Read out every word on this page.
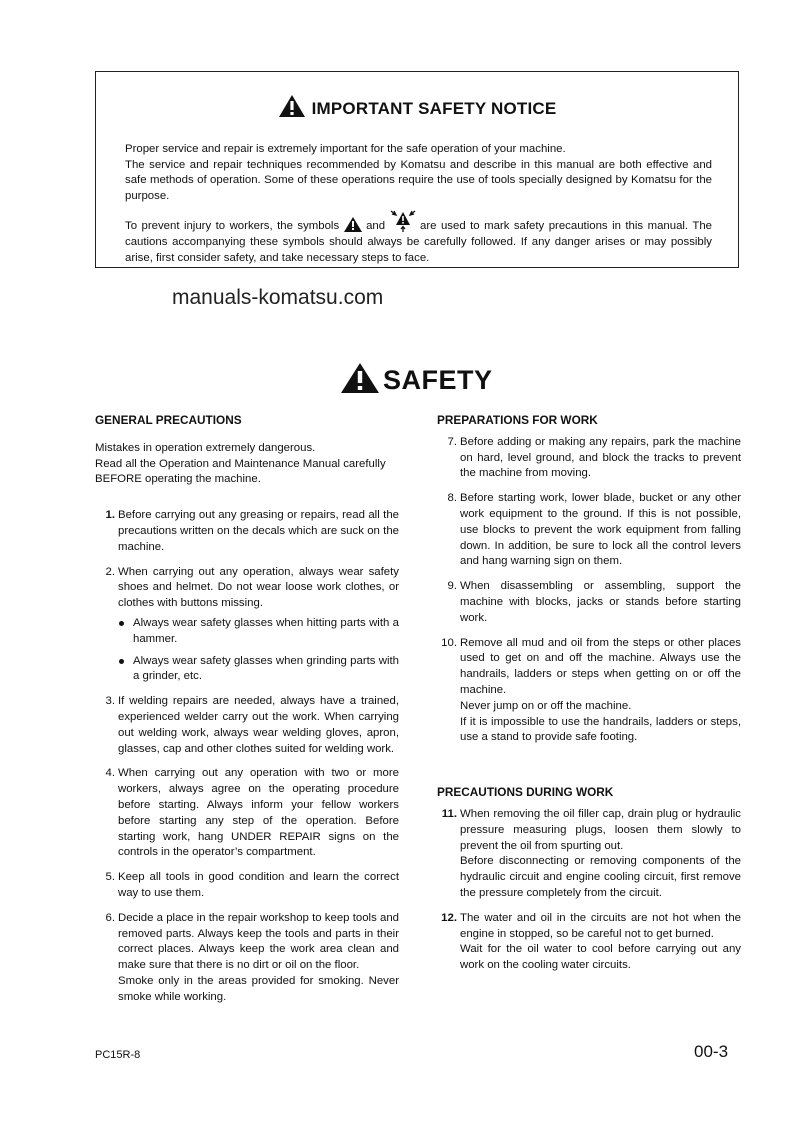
IMPORTANT SAFETY NOTICE

Proper service and repair is extremely important for the safe operation of your machine.

The service and repair techniques recommended by Komatsu and describe in this manual are both effective and safe methods of operation. Some of these operations require the use of tools specially designed by Komatsu for the purpose.

To prevent injury to workers, the symbols and	are used to mark safety precautions in this manual. The cautions accompanying these symbols should always be carefully followed. If any danger arises or may possibly arise, first consider safety, and take necessary steps to face.

manuals-komatsu.com
SAFETY
GENERAL PRECAUTIONS
Mistakes in operation extremely dangerous.
Read all the Operation and Maintenance Manual carefully BEFORE operating the machine.
1. Before carrying out any greasing or repairs, read all the precautions written on the decals which are suck on the machine.

2. When carrying out any operation, always wear safety shoes and helmet. Do not wear loose work clothes, or clothes with buttons missing.

Always wear safety glasses when hitting parts with a hammer.
Always wear safety glasses when grinding parts with a grinder, etc.
3. If welding repairs are needed, always have a trained, experienced welder carry out the work. When carrying out welding work, always wear welding gloves, apron, glasses, cap and other clothes suited for welding work.

4. When carrying out any operation with two or more workers, always agree on the operating procedure before starting. Always inform your fellow workers before starting any step of the operation. Before starting work, hang UNDER REPAIR signs on the controls in the operator’s compartment.

5. Keep all tools in good condition and learn the correct way to use them.

6. Decide a place in the repair workshop to keep tools and removed parts. Always keep the tools and parts in their correct places. Always keep the work area clean and make sure that there is no dirt or oil on the floor.

Smoke only in the areas provided for smoking. Never smoke while working.

PREPARATIONS FOR WORK
7. Before adding or making any repairs, park the machine on hard, level ground, and block the tracks to prevent the machine from moving.

8. Before starting work, lower blade, bucket or any other work equipment to the ground. If this is not possible, use blocks to prevent the work equipment from falling down. In addition, be sure to lock all the control levers and hang warning sign on them.

9. When disassembling or assembling, support the machine with blocks, jacks or stands before starting work.

10. Remove all mud and oil from the steps or other places used to get on and off the machine. Always use the handrails, ladders or steps when getting on or off the machine.

Never jump on or off the machine.

If it is impossible to use the handrails, ladders or steps, use a stand to provide safe footing.

PRECAUTIONS DURING WORK
11. When removing the oil filler cap, drain plug or hydraulic pressure measuring plugs, loosen them slowly to prevent the oil from spurting out.

Before disconnecting or removing components of the hydraulic circuit and engine cooling circuit, first remove the pressure completely from the circuit.

12. The water and oil in the circuits are not hot when the engine in stopped, so be careful not to get burned.

Wait for the oil water to cool before carrying out any work on the cooling water circuits.

PC15R-8	00-3
